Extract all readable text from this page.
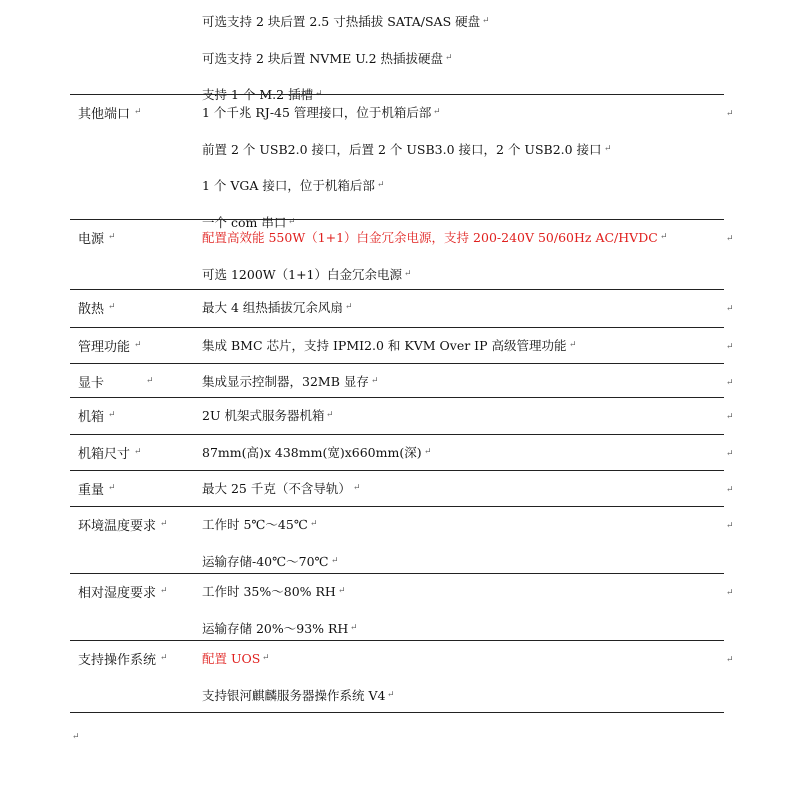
可选支持 2 块后置 2.5 寸热插拔 SATA/SAS 硬盘 ↵
可选支持 2 块后置 NVME U.2 热插拔硬盘 ↵
支持 1 个 M.2 插槽 ↵
其他端口 ↵	1 个千兆 RJ-45 管理接口，位于机箱后部 ↵	↵
前置 2 个 USB2.0 接口，后置 2 个 USB3.0 接口，2 个 USB2.0 接口 ↵
1 个 VGA 接口，位于机箱后部 ↵
一个 com 串口 ↵
电源 ↵	配置高效能 550W（1+1）白金冗余电源，支持 200-240V 50/60Hz AC/HVDC ↵	↵
可选 1200W（1+1）白金冗余电源 ↵
散热 ↵	最大 4 组热插拔冗余风扇 ↵	↵
管理功能 ↵	集成 BMC 芯片，支持 IPMI2.0 和 KVM Over IP 高级管理功能 ↵	↵
显卡	↵	集成显示控制器，32MB 显存 ↵	↵
机箱 ↵	2U 机架式服务器机箱 ↵	↵
机箱尺寸 ↵	87mm(高)x 438mm(宽)x660mm(深) ↵	↵
重量 ↵	最大 25 千克（不含导轨） ↵	↵
环境温度要求 ↵	工作时 5℃～45℃ ↵	↵
运输存储-40℃～70℃ ↵
相对湿度要求 ↵	工作时 35%～80% RH ↵	↵
运输存储 20%～93% RH ↵
支持操作系统 ↵	配置 UOS ↵	↵
支持银河麒麟服务器操作系统 V4 ↵
↵
